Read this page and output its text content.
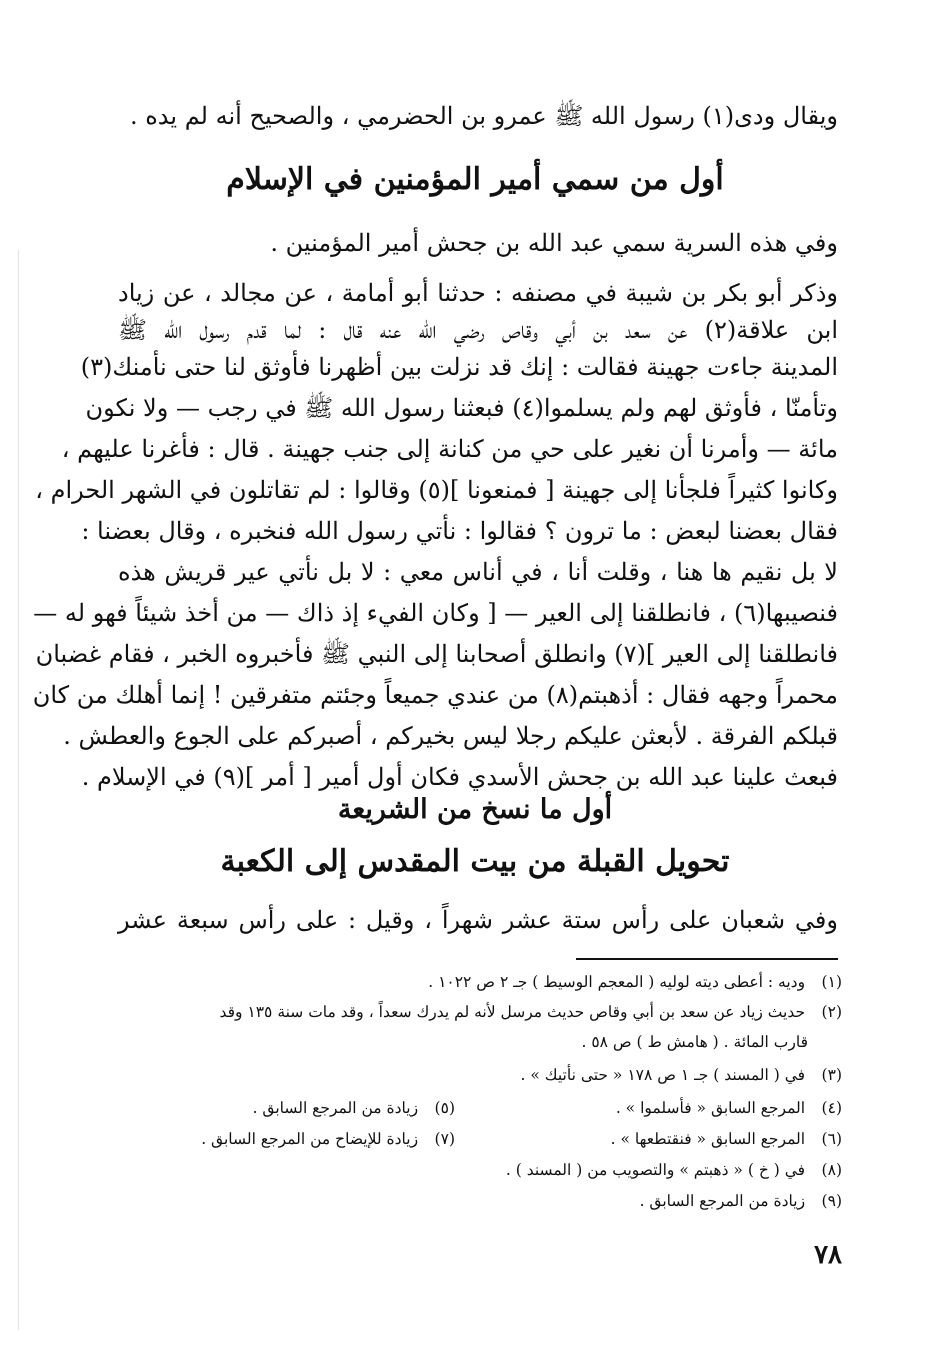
ويقال ودى(١) رسول الله ﷺ عمرو بن الحضرمي ، والصحيح أنه لم يده .
أول من سمي أمير المؤمنين في الإسلام
وفي هذه السرية سمي عبد الله بن جحش أمير المؤمنين .
وذكر أبو بكر بن شيبة في مصنفه : حدثنا أبو أمامة ، عن مجالد ، عن زياد
ابن علاقة(٢) عن سعد بن أبي وقاص رضي الله عنه قال : لما قدم رسول الله ﷺ
المدينة جاءت جهينة فقالت : إنك قد نزلت بين أظهرنا فأوثق لنا حتى نأمنك(٣)
وتأمنّا ، فأوثق لهم ولم يسلموا(٤) فبعثنا رسول الله ﷺ في رجب — ولا نكون
مائة — وأمرنا أن نغير على حي من كنانة إلى جنب جهينة . قال : فأغرنا عليهم ،
وكانوا كثيراً فلجأنا إلى جهينة [ فمنعونا ](٥) وقالوا : لم تقاتلون في الشهر الحرام ،
فقال بعضنا لبعض : ما ترون ؟ فقالوا : نأتي رسول الله فنخبره ، وقال بعضنا :
لا بل نقيم ها هنا ، وقلت أنا ، في أناس معي : لا بل نأتي عير قريش هذه
فنصيبها(٦) ، فانطلقنا إلى العير — [ وكان الفيء إذ ذاك — من أخذ شيئاً فهو له —
فانطلقنا إلى العير ](٧) وانطلق أصحابنا إلى النبي ﷺ فأخبروه الخبر ، فقام غضبان
محمراً وجهه فقال : أذهبتم(٨) من عندي جميعاً وجئتم متفرقين ! إنما أهلك من كان
قبلكم الفرقة . لأبعثن عليكم رجلا ليس بخيركم ، أصبركم على الجوع والعطش .
فبعث علينا عبد الله بن جحش الأسدي فكان أول أمير [ أمر ](٩) في الإسلام .
أول ما نسخ من الشريعة
تحويل القبلة من بيت المقدس إلى الكعبة
وفي شعبان على رأس ستة عشر شهراً ، وقيل : على رأس سبعة عشر
(١) وديه : أعطى ديته لوليه ( المعجم الوسيط ) جـ ٢ ص ١٠٢٢ .
(٢) حديث زياد عن سعد بن أبي وقاص حديث مرسل لأنه لم يدرك سعداً ، وقد مات سنة ١٣٥ وقد
قارب المائة . ( هامش ط ) ص ٥٨ .
(٣) في ( المسند ) جـ ١ ص ١٧٨ « حتى نأتيك » .
(٤) المرجع السابق « فأسلموا » .
(٥) زيادة من المرجع السابق .
(٦) المرجع السابق « فنقتطعها » .
(٧) زيادة للإيضاح من المرجع السابق .
(٨) في ( خ ) « ذهبتم » والتصويب من ( المسند ) .
(٩) زيادة من المرجع السابق .
٧٨
